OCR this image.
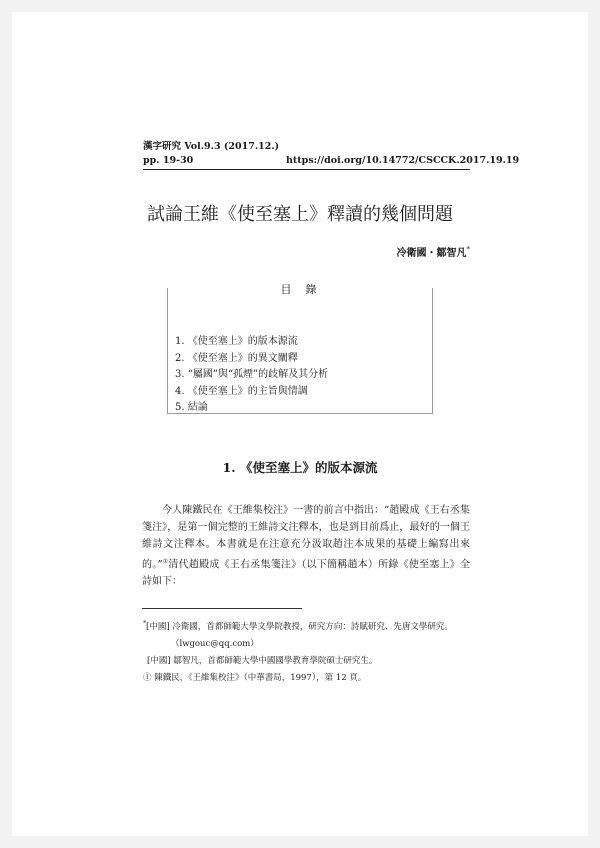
漢字研究 Vol.9.3 (2017.12.)
pp. 19-30	https://doi.org/10.14772/CSCCK.2017.19.19
試論王維《使至塞上》釋讀的幾個問題
冷衛國・鄒智凡*
目錄
1. 《使至塞上》的版本源流
2. 《使至塞上》的異文闡釋
3. “屬國”與“孤煙”的歧解及其分析
4. 《使至塞上》的主旨與情調
5. 結論
1. 《使至塞上》的版本源流

今人陳鐵民在《王維集校注》一書的前言中指出：“趙殿成《王右丞集箋注》，是第一個完整的王維詩文注釋本，也是到目前爲止，最好的一個王維詩文注釋本。本書就是在注意充分汲取趙注本成果的基礎上編寫出來的。”①清代趙殿成《王右丞集箋注》（以下簡稱趙本）所錄《使至塞上》全詩如下：

*[中國] 冷衛國，首都師範大學文學院教授，研究方向：詩賦研究、先唐文學研究。
（lwgouc@qq.com）
[中國] 鄒智凡，首都師範大學中國國學教育學院碩士研究生。
① 陳鐵民，《王維集校注》（中華書局，1997），第 12 頁。
